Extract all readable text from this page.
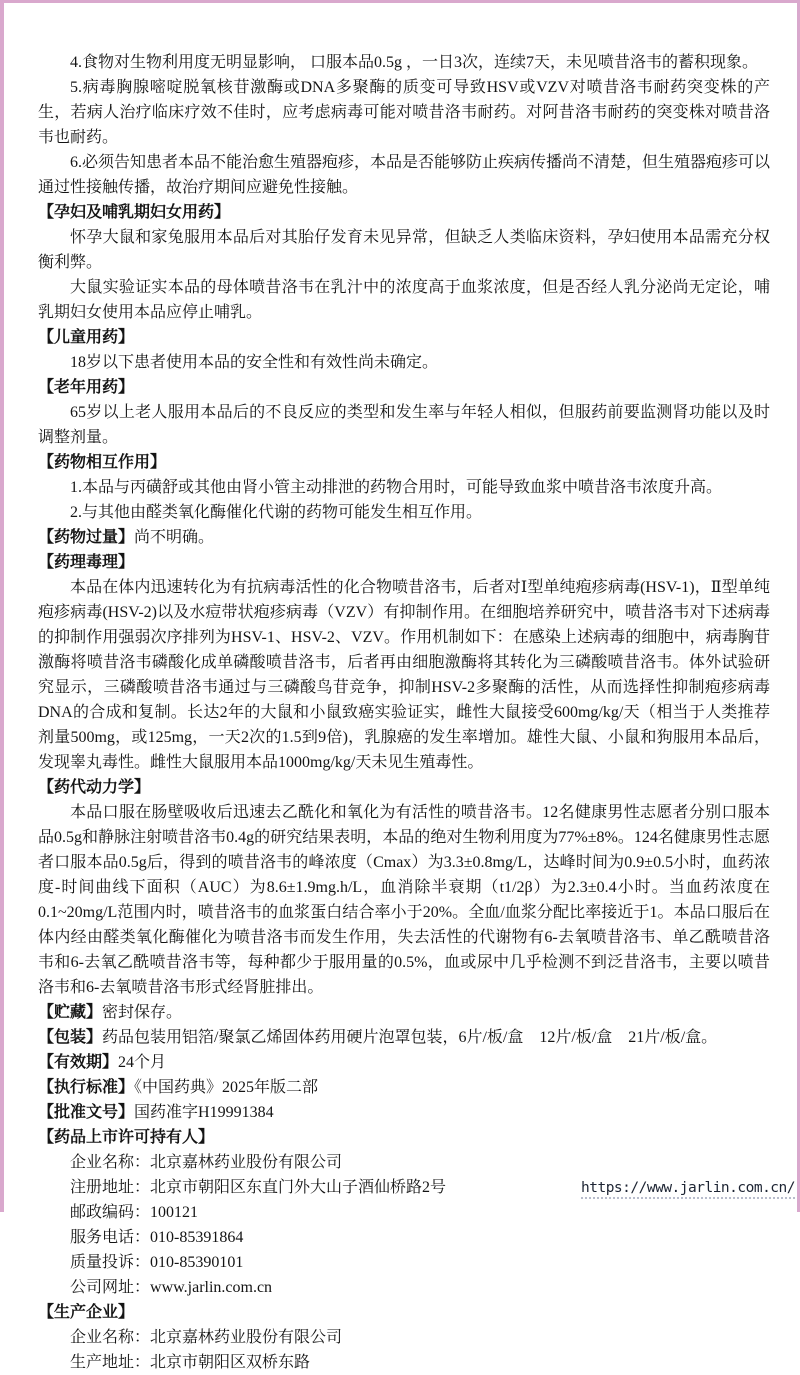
4.食物对生物利用度无明显影响， 口服本品0.5g ，一日3次，连续7天，未见喷昔洛韦的蓄积现象。
5.病毒胸腺嘧啶脱氧核苷激酶或DNA多聚酶的质变可导致HSV或VZV对喷昔洛韦耐药突变株的产生，若病人治疗临床疗效不佳时，应考虑病毒可能对喷昔洛韦耐药。对阿昔洛韦耐药的突变株对喷昔洛韦也耐药。
6.必须告知患者本品不能治愈生殖器疱疹，本品是否能够防止疾病传播尚不清楚，但生殖器疱疹可以通过性接触传播，故治疗期间应避免性接触。
【孕妇及哺乳期妇女用药】
怀孕大鼠和家兔服用本品后对其胎仔发育未见异常，但缺乏人类临床资料，孕妇使用本品需充分权衡利弊。
大鼠实验证实本品的母体喷昔洛韦在乳汁中的浓度高于血浆浓度，但是否经人乳分泌尚无定论，哺乳期妇女使用本品应停止哺乳。
【儿童用药】
18岁以下患者使用本品的安全性和有效性尚未确定。
【老年用药】
65岁以上老人服用本品后的不良反应的类型和发生率与年轻人相似，但服药前要监测肾功能以及时调整剂量。
【药物相互作用】
1.本品与丙磺舒或其他由肾小管主动排泄的药物合用时，可能导致血浆中喷昔洛韦浓度升高。
2.与其他由醛类氧化酶催化代谢的药物可能发生相互作用。
【药物过量】尚不明确。
【药理毒理】
本品在体内迅速转化为有抗病毒活性的化合物喷昔洛韦，后者对Ⅰ型单纯疱疹病毒(HSV-1)，Ⅱ型单纯疱疹病毒(HSV-2)以及水痘带状疱疹病毒（VZV）有抑制作用。在细胞培养研究中，喷昔洛韦对下述病毒的抑制作用强弱次序排列为HSV-1、HSV-2、VZV。作用机制如下：在感染上述病毒的细胞中，病毒胸苷激酶将喷昔洛韦磷酸化成单磷酸喷昔洛韦，后者再由细胞激酶将其转化为三磷酸喷昔洛韦。体外试验研究显示，三磷酸喷昔洛韦通过与三磷酸鸟苷竞争，抑制HSV-2多聚酶的活性，从而选择性抑制疱疹病毒DNA的合成和复制。长达2年的大鼠和小鼠致癌实验证实，雌性大鼠接受600mg/kg/天（相当于人类推荐剂量500mg，或125mg，一天2次的1.5到9倍)，乳腺癌的发生率增加。雄性大鼠、小鼠和狗服用本品后，发现睾丸毒性。雌性大鼠服用本品1000mg/kg/天未见生殖毒性。
【药代动力学】
本品口服在肠壁吸收后迅速去乙酰化和氧化为有活性的喷昔洛韦。12名健康男性志愿者分别口服本品0.5g和静脉注射喷昔洛韦0.4g的研究结果表明，本品的绝对生物利用度为77%±8%。124名健康男性志愿者口服本品0.5g后，得到的喷昔洛韦的峰浓度（Cmax）为3.3±0.8mg/L，达峰时间为0.9±0.5小时，血药浓度-时间曲线下面积（AUC）为8.6±1.9mg.h/L，血消除半衰期（t1/2β）为2.3±0.4小时。当血药浓度在0.1~20mg/L范围内时，喷昔洛韦的血浆蛋白结合率小于20%。全血/血浆分配比率接近于1。本品口服后在体内经由醛类氧化酶催化为喷昔洛韦而发生作用，失去活性的代谢物有6-去氧喷昔洛韦、单乙酰喷昔洛韦和6-去氧乙酰喷昔洛韦等，每种都少于服用量的0.5%，血或尿中几乎检测不到泛昔洛韦，主要以喷昔洛韦和6-去氧喷昔洛韦形式经肾脏排出。
【贮藏】密封保存。
【包装】药品包装用铝箔/聚氯乙烯固体药用硬片泡罩包装，6片/板/盒　12片/板/盒　21片/板/盒。
【有效期】24个月
【执行标准】《中国药典》2025年版二部
【批准文号】国药准字H19991384
【药品上市许可持有人】
企业名称：北京嘉林药业股份有限公司
注册地址：北京市朝阳区东直门外大山子酒仙桥路2号
邮政编码：100121
服务电话：010-85391864
质量投诉：010-85390101
公司网址：www.jarlin.com.cn
【生产企业】
企业名称：北京嘉林药业股份有限公司
生产地址：北京市朝阳区双桥东路
https://www.jarlin.com.cn/
